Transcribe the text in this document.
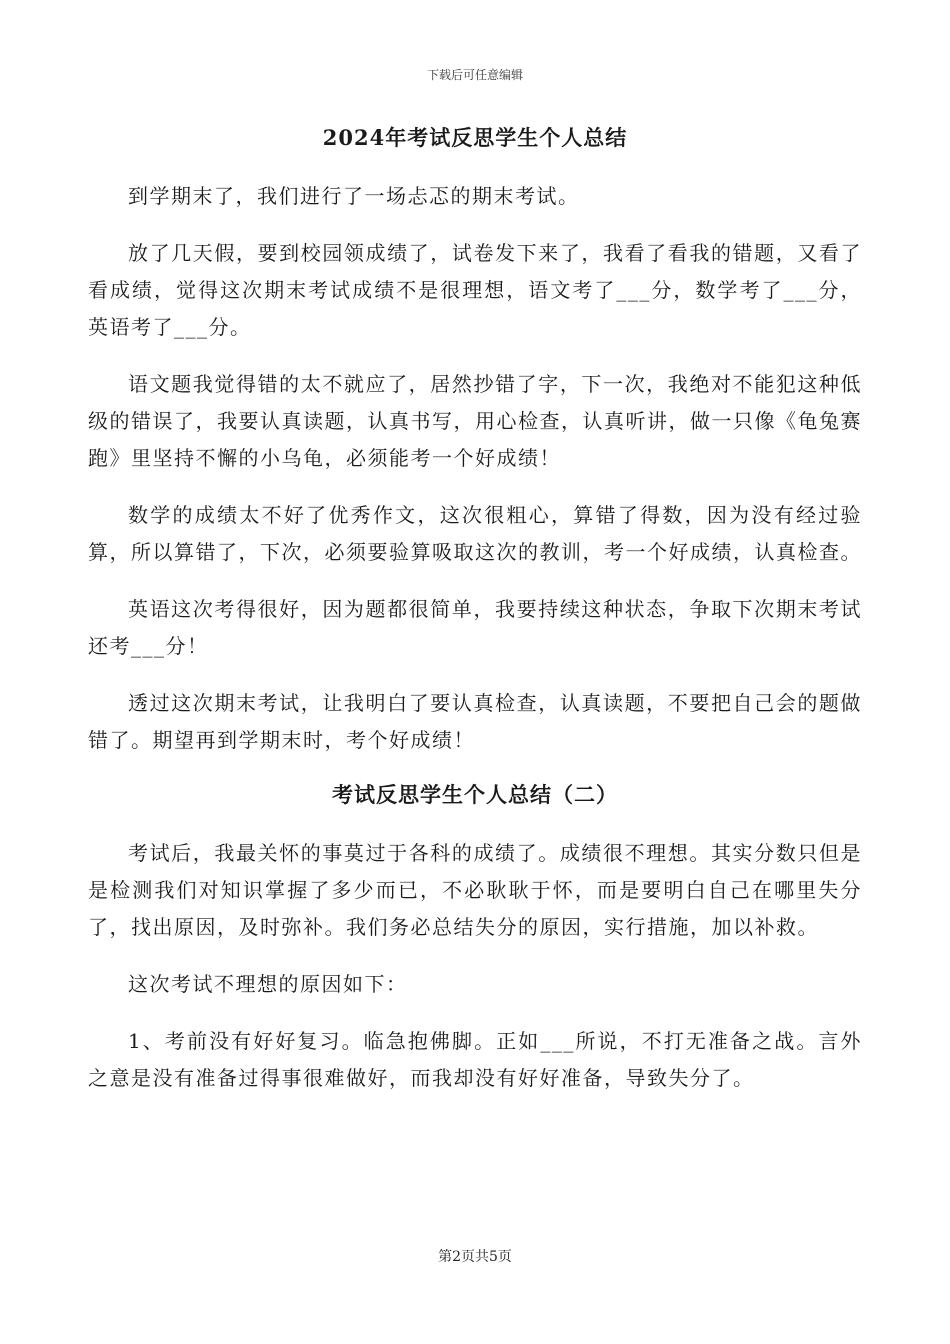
下载后可任意编辑
2024年考试反思学生个人总结

到学期末了，我们进行了一场忐忑的期末考试。

放了几天假，要到校园领成绩了，试卷发下来了，我看了看我的错题，又看了看成绩，觉得这次期末考试成绩不是很理想，语文考了___分，数学考了___分，英语考了___分。

语文题我觉得错的太不就应了，居然抄错了字，下一次，我绝对不能犯这种低级的错误了，我要认真读题，认真书写，用心检查，认真听讲，做一只像《龟兔赛跑》里坚持不懈的小乌龟，必须能考一个好成绩！

数学的成绩太不好了优秀作文，这次很粗心，算错了得数，因为没有经过验算，所以算错了，下次，必须要验算吸取这次的教训，考一个好成绩，认真检查。

英语这次考得很好，因为题都很简单，我要持续这种状态，争取下次期末考试还考___分！

透过这次期末考试，让我明白了要认真检查，认真读题，不要把自己会的题做错了。期望再到学期末时，考个好成绩！

考试反思学生个人总结（二）

考试后，我最关怀的事莫过于各科的成绩了。成绩很不理想。其实分数只但是是检测我们对知识掌握了多少而已，不必耿耿于怀，而是要明白自己在哪里失分了，找出原因，及时弥补。我们务必总结失分的原因，实行措施，加以补救。

这次考试不理想的原因如下：

1、考前没有好好复习。临急抱佛脚。正如___所说，不打无准备之战。言外之意是没有准备过得事很难做好，而我却没有好好准备，导致失分了。

第2页共5页
